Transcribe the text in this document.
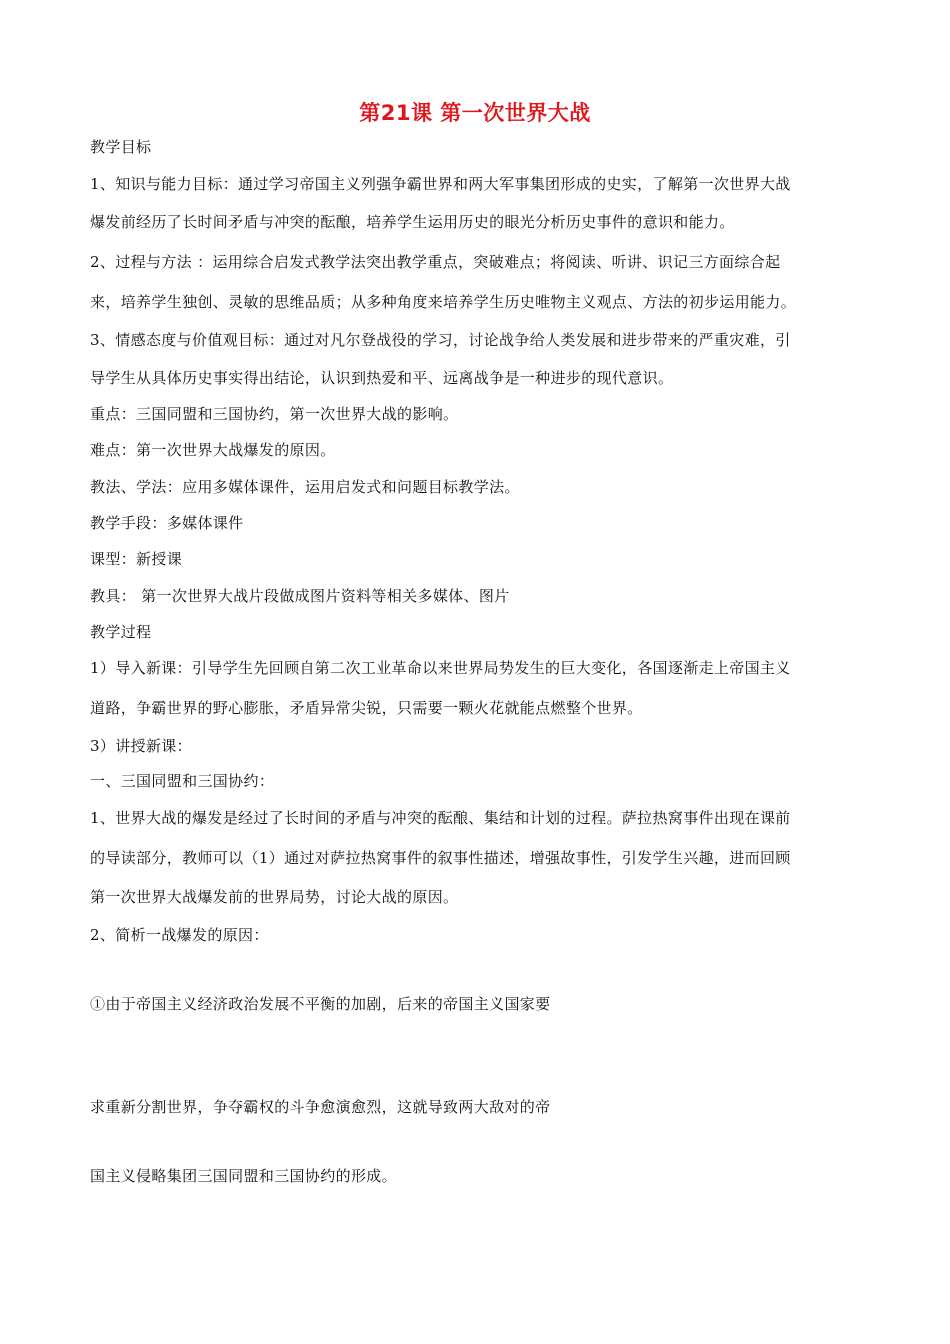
第21课 第一次世界大战
教学目标
1、知识与能力目标：通过学习帝国主义列强争霸世界和两大军事集团形成的史实，了解第一次世界大战
爆发前经历了长时间矛盾与冲突的酝酿，培养学生运用历史的眼光分析历史事件的意识和能力。
2、过程与方法 ：运用综合启发式教学法突出教学重点，突破难点；将阅读、听讲、识记三方面综合起
来，培养学生独创、灵敏的思维品质；从多种角度来培养学生历史唯物主义观点、方法的初步运用能力。
3、情感态度与价值观目标：通过对凡尔登战役的学习，讨论战争给人类发展和进步带来的严重灾难，引
导学生从具体历史事实得出结论，认识到热爱和平、远离战争是一种进步的现代意识。
重点：三国同盟和三国协约，第一次世界大战的影响。
难点：第一次世界大战爆发的原因。
教法、学法：应用多媒体课件，运用启发式和问题目标教学法。
教学手段：多媒体课件
课型：新授课
教具： 第一次世界大战片段做成图片资料等相关多媒体、图片
教学过程
1）导入新课：引导学生先回顾自第二次工业革命以来世界局势发生的巨大变化，各国逐渐走上帝国主义
道路，争霸世界的野心膨胀，矛盾异常尖锐，只需要一颗火花就能点燃整个世界。
3）讲授新课：
一、三国同盟和三国协约：
1、世界大战的爆发是经过了长时间的矛盾与冲突的酝酿、集结和计划的过程。萨拉热窝事件出现在课前
的导读部分，教师可以（1）通过对萨拉热窝事件的叙事性描述，增强故事性，引发学生兴趣，进而回顾
第一次世界大战爆发前的世界局势，讨论大战的原因。
2、简析一战爆发的原因：
①由于帝国主义经济政治发展不平衡的加剧，后来的帝国主义国家要
求重新分割世界，争夺霸权的斗争愈演愈烈，这就导致两大敌对的帝
国主义侵略集团三国同盟和三国协约的形成。
